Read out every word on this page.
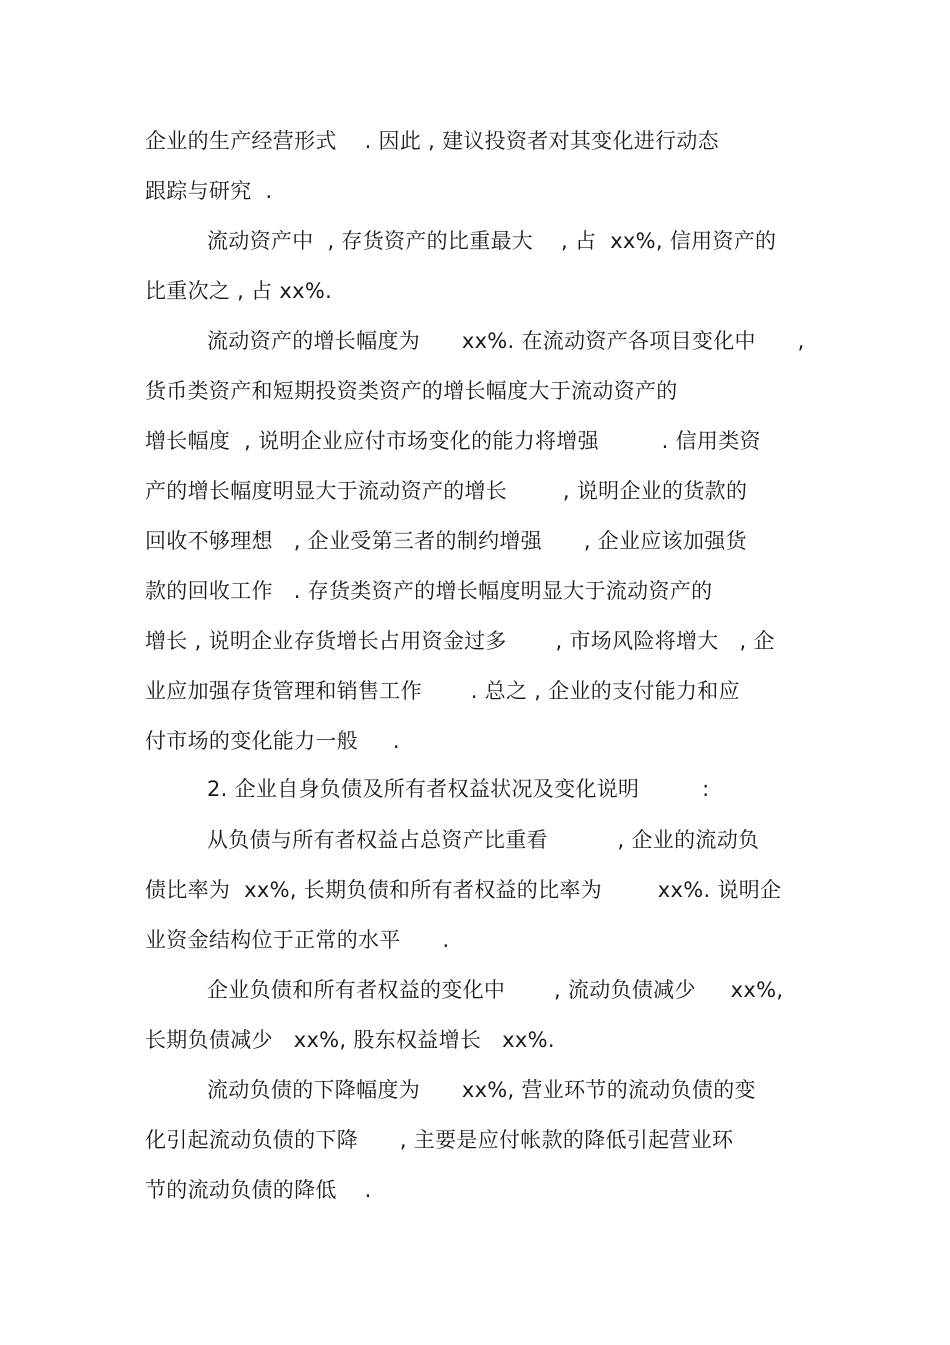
企业的生产经营形式    . 因此 , 建议投资者对其变化进行动态
跟踪与研究  .
流动资产中  , 存货资产的比重最大    , 占  xx%, 信用资产的
比重次之 , 占 xx%.
流动资产的增长幅度为      xx%. 在流动资产各项目变化中      ,
货币类资产和短期投资类资产的增长幅度大于流动资产的
增长幅度  , 说明企业应付市场变化的能力将增强         . 信用类资
产的增长幅度明显大于流动资产的增长        , 说明企业的货款的
回收不够理想   , 企业受第三者的制约增强      , 企业应该加强货
款的回收工作   . 存货类资产的增长幅度明显大于流动资产的
增长 , 说明企业存货增长占用资金过多       , 市场风险将增大   , 企
业应加强存货管理和销售工作       . 总之 , 企业的支付能力和应
付市场的变化能力一般     .
2. 企业自身负债及所有者权益状况及变化说明         :
从负债与所有者权益占总资产比重看          , 企业的流动负
债比率为  xx%, 长期负债和所有者权益的比率为        xx%. 说明企
业资金结构位于正常的水平      .
企业负债和所有者权益的变化中       , 流动负债减少     xx%,
长期负债减少   xx%, 股东权益增长   xx%.
流动负债的下降幅度为      xx%, 营业环节的流动负债的变
化引起流动负债的下降      , 主要是应付帐款的降低引起营业环
节的流动负债的降低    .
